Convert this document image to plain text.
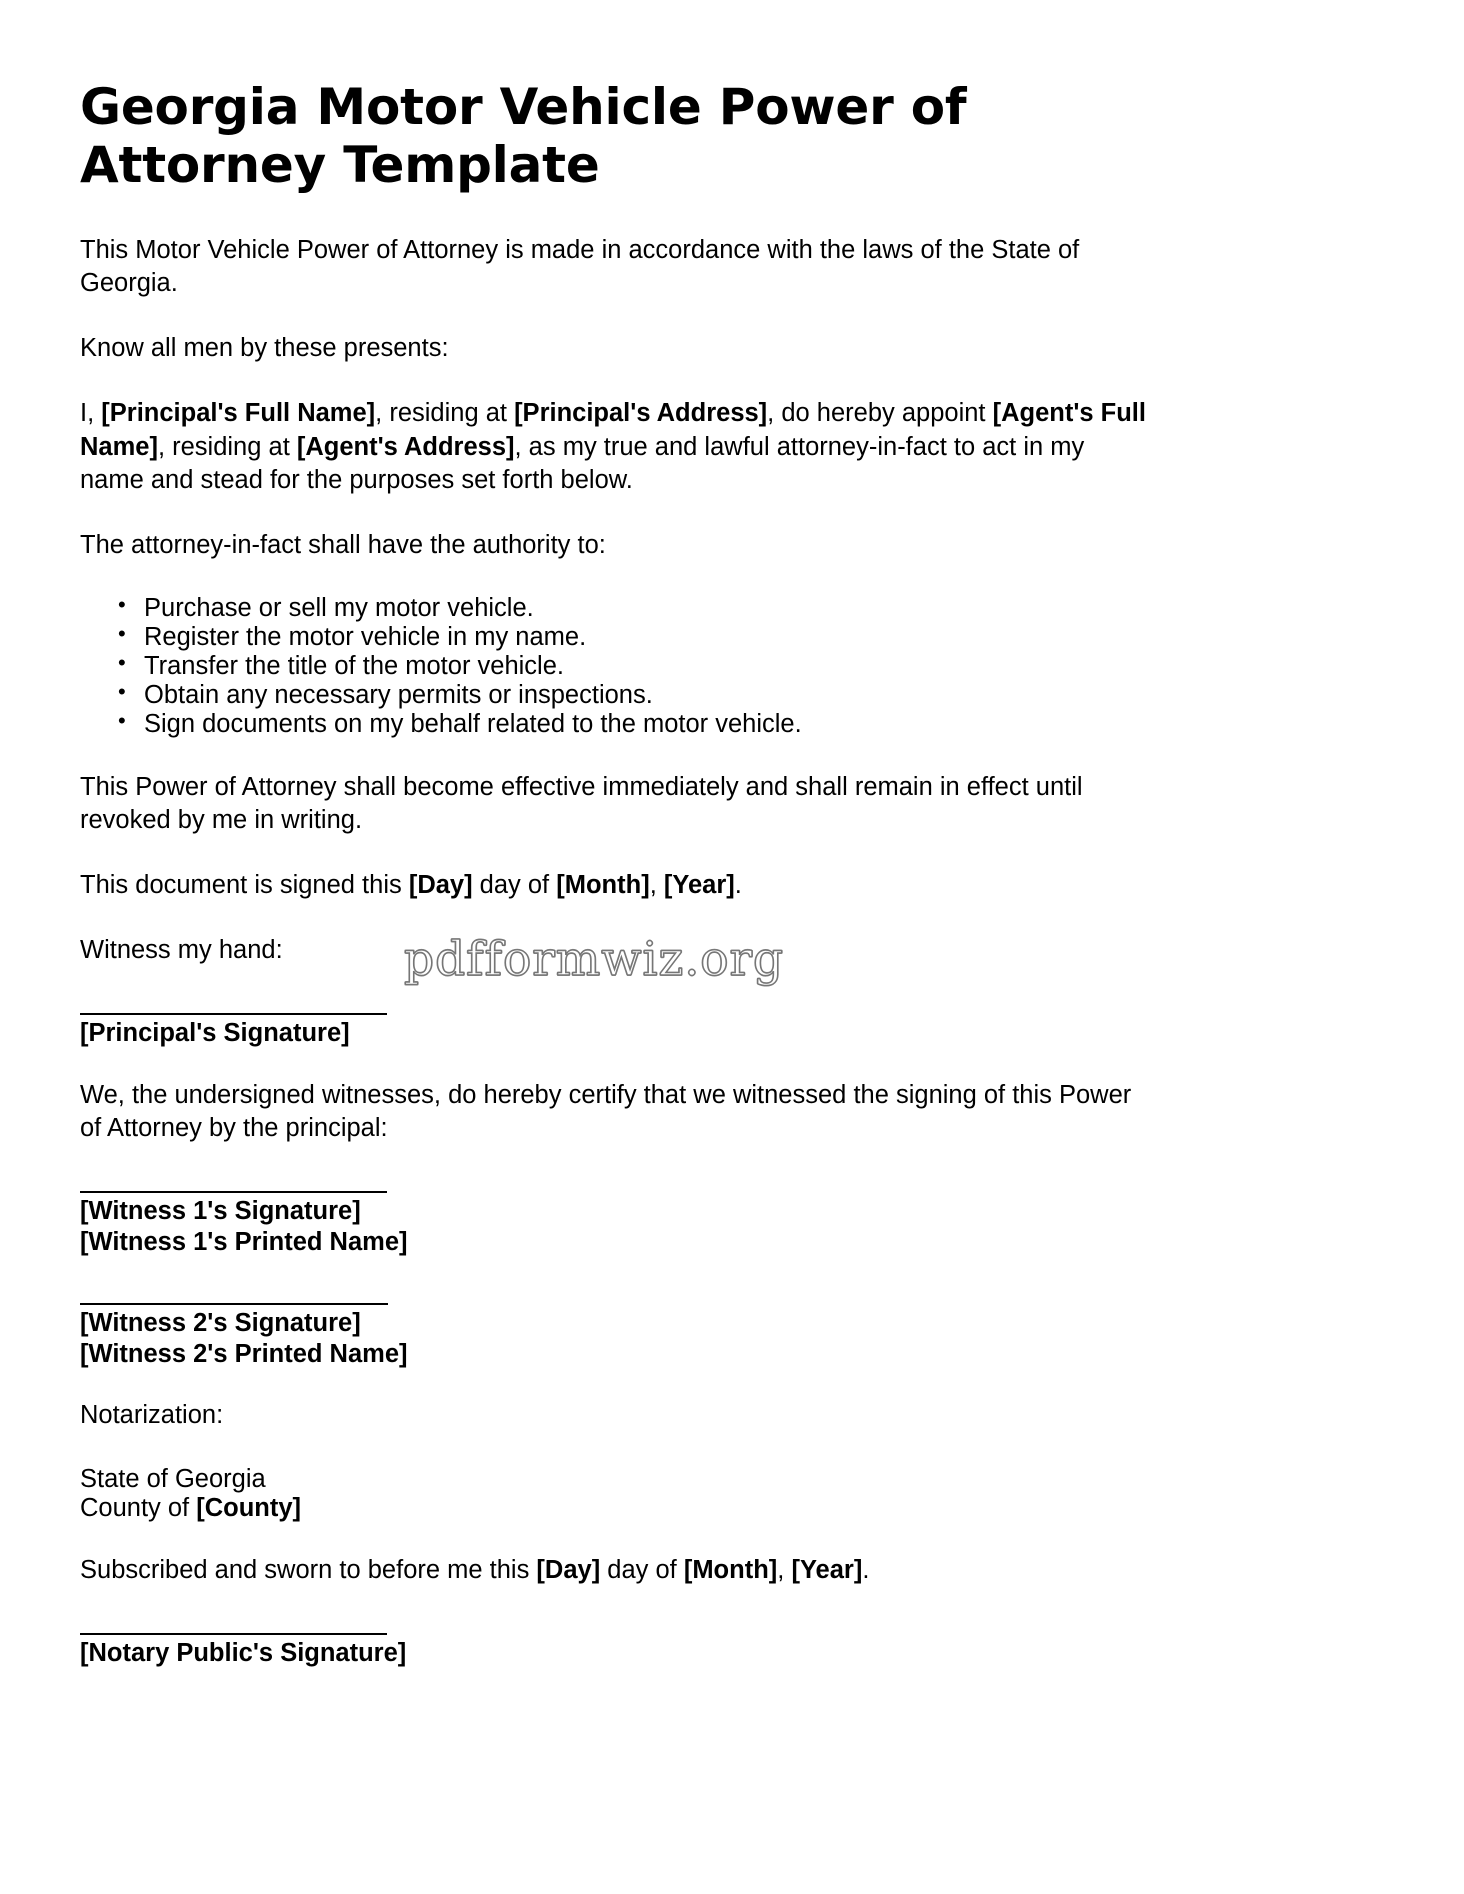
pdfformwiz.org
Georgia Motor Vehicle Power of Attorney Template

This Motor Vehicle Power of Attorney is made in accordance with the laws of the State of Georgia.

Know all men by these presents:

I, [Principal's Full Name], residing at [Principal's Address], do hereby appoint [Agent's Full Name], residing at [Agent's Address], as my true and lawful attorney-in-fact to act in my name and stead for the purposes set forth below.

The attorney-in-fact shall have the authority to:

• Purchase or sell my motor vehicle.
• Register the motor vehicle in my name.
• Transfer the title of the motor vehicle.
• Obtain any necessary permits or inspections.
• Sign documents on my behalf related to the motor vehicle.

This Power of Attorney shall become effective immediately and shall remain in effect until revoked by me in writing.

This document is signed this [Day] day of [Month], [Year].

Witness my hand:

[Principal's Signature]

We, the undersigned witnesses, do hereby certify that we witnessed the signing of this Power of Attorney by the principal:

[Witness 1's Signature]
[Witness 1's Printed Name]
[Witness 2's Signature]
[Witness 2's Printed Name]

Notarization:

State of Georgia
County of [County]

Subscribed and sworn to before me this [Day] day of [Month], [Year].

[Notary Public's Signature]
